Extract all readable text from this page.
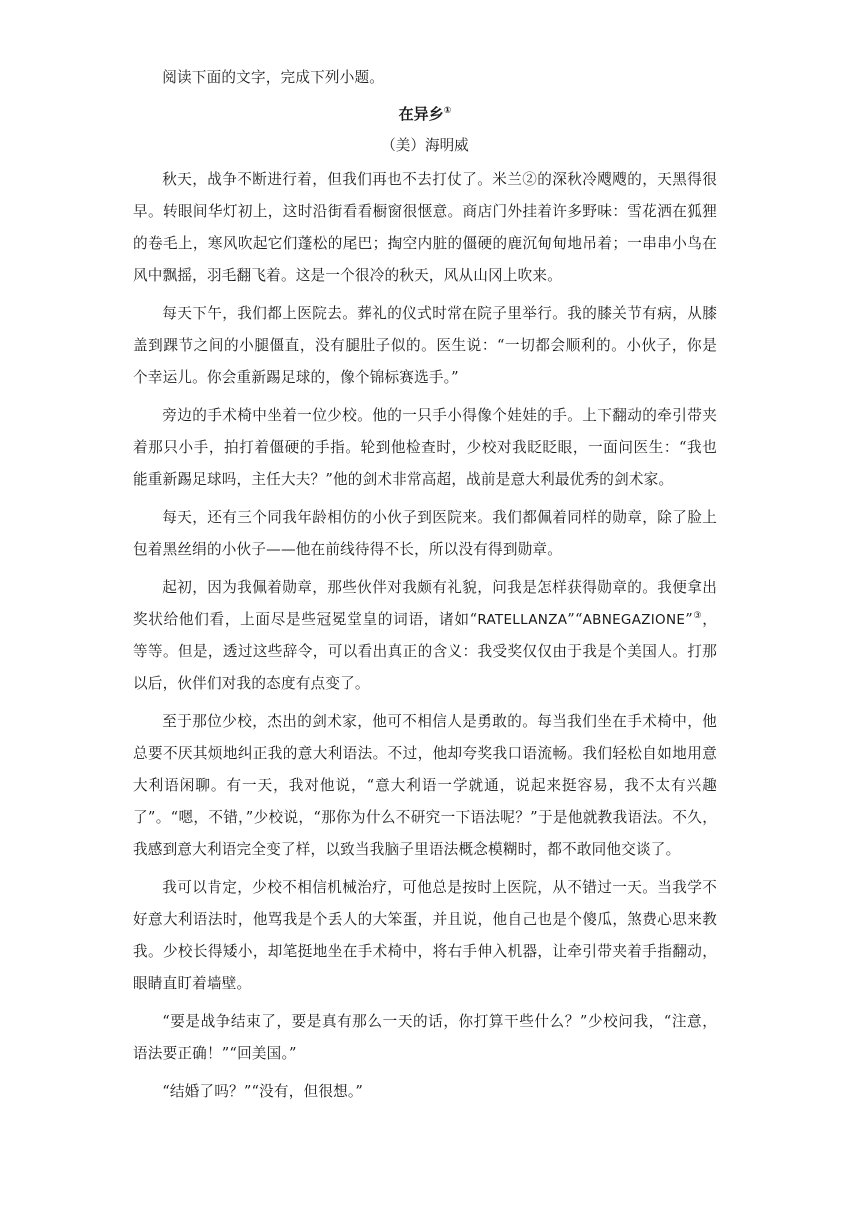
阅读下面的文字，完成下列小题。

在异乡①

（美）海明威

秋天，战争不断进行着，但我们再也不去打仗了。米兰②的深秋冷飕飕的，天黑得很早。转眼间华灯初上，这时沿街看看橱窗很惬意。商店门外挂着许多野味：雪花洒在狐狸的卷毛上，寒风吹起它们蓬松的尾巴；掏空内脏的僵硬的鹿沉甸甸地吊着；一串串小鸟在风中飘摇，羽毛翻飞着。这是一个很冷的秋天，风从山冈上吹来。

每天下午，我们都上医院去。葬礼的仪式时常在院子里举行。我的膝关节有病，从膝盖到踝节之间的小腿僵直，没有腿肚子似的。医生说：“一切都会顺利的。小伙子，你是个幸运儿。你会重新踢足球的，像个锦标赛选手。”

旁边的手术椅中坐着一位少校。他的一只手小得像个娃娃的手。上下翻动的牵引带夹着那只小手，拍打着僵硬的手指。轮到他检查时，少校对我眨眨眼，一面问医生：“我也能重新踢足球吗，主任大夫？”他的剑术非常高超，战前是意大利最优秀的剑术家。

每天，还有三个同我年龄相仿的小伙子到医院来。我们都佩着同样的勋章，除了脸上包着黑丝绢的小伙子——他在前线待得不长，所以没有得到勋章。

起初，因为我佩着勋章，那些伙伴对我颇有礼貌，问我是怎样获得勋章的。我便拿出奖状给他们看，上面尽是些冠冕堂皇的词语，诸如“RATELLANZA”“ABNEGAZIONE”③，等等。但是，透过这些辞令，可以看出真正的含义：我受奖仅仅由于我是个美国人。打那以后，伙伴们对我的态度有点变了。

至于那位少校，杰出的剑术家，他可不相信人是勇敢的。每当我们坐在手术椅中，他总要不厌其烦地纠正我的意大利语法。不过，他却夸奖我口语流畅。我们轻松自如地用意大利语闲聊。有一天，我对他说，“意大利语一学就通，说起来挺容易，我不太有兴趣了”。“嗯，不错，”少校说，“那你为什么不研究一下语法呢？”于是他就教我语法。不久，我感到意大利语完全变了样，以致当我脑子里语法概念模糊时，都不敢同他交谈了。

我可以肯定，少校不相信机械治疗，可他总是按时上医院，从不错过一天。当我学不好意大利语法时，他骂我是个丢人的大笨蛋，并且说，他自己也是个傻瓜，煞费心思来教我。少校长得矮小，却笔挺地坐在手术椅中，将右手伸入机器，让牵引带夹着手指翻动，眼睛直盯着墙壁。

“要是战争结束了，要是真有那么一天的话，你打算干些什么？”少校问我，“注意，语法要正确！”“回美国。”

“结婚了吗？”“没有，但很想。”
